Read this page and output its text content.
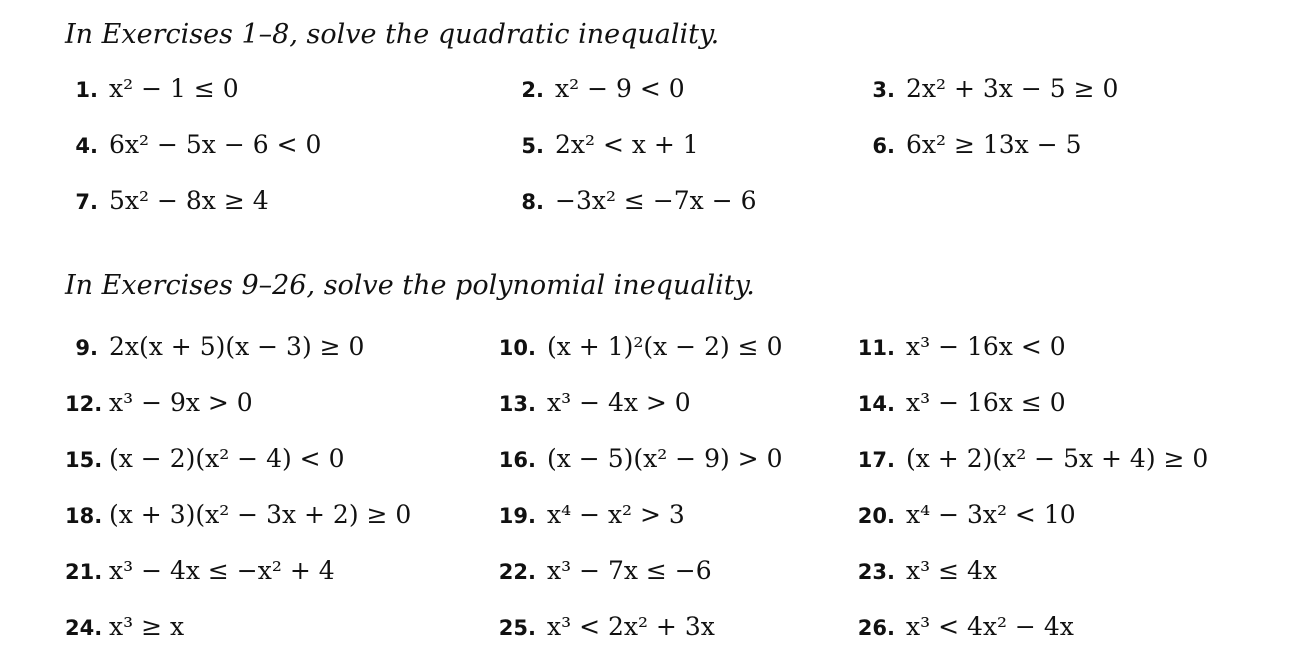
In Exercises 1–8, solve the quadratic inequality.
1. x² − 1 ≤ 0	2. x² − 9 < 0	3. 2x² + 3x − 5 ≥ 0
4. 6x² − 5x − 6 < 0	5. 2x² < x + 1	6. 6x² ≥ 13x − 5
7. 5x² − 8x ≥ 4	8. −3x² ≤ −7x − 6
In Exercises 9–26, solve the polynomial inequality.
9. 2x(x + 5)(x − 3) ≥ 0	10. (x + 1)²(x − 2) ≤ 0	11. x³ − 16x < 0
12. x³ − 9x > 0	13. x³ − 4x > 0	14. x³ − 16x ≤ 0
15. (x − 2)(x² − 4) < 0	16. (x − 5)(x² − 9) > 0	17. (x + 2)(x² − 5x + 4) ≥ 0
18. (x + 3)(x² − 3x + 2) ≥ 0	19. x⁴ − x² > 3	20. x⁴ − 3x² < 10
21. x³ − 4x ≤ −x² + 4	22. x³ − 7x ≤ −6	23. x³ ≤ 4x
24. x³ ≥ x	25. x³ < 2x² + 3x	26. x³ < 4x² − 4x
